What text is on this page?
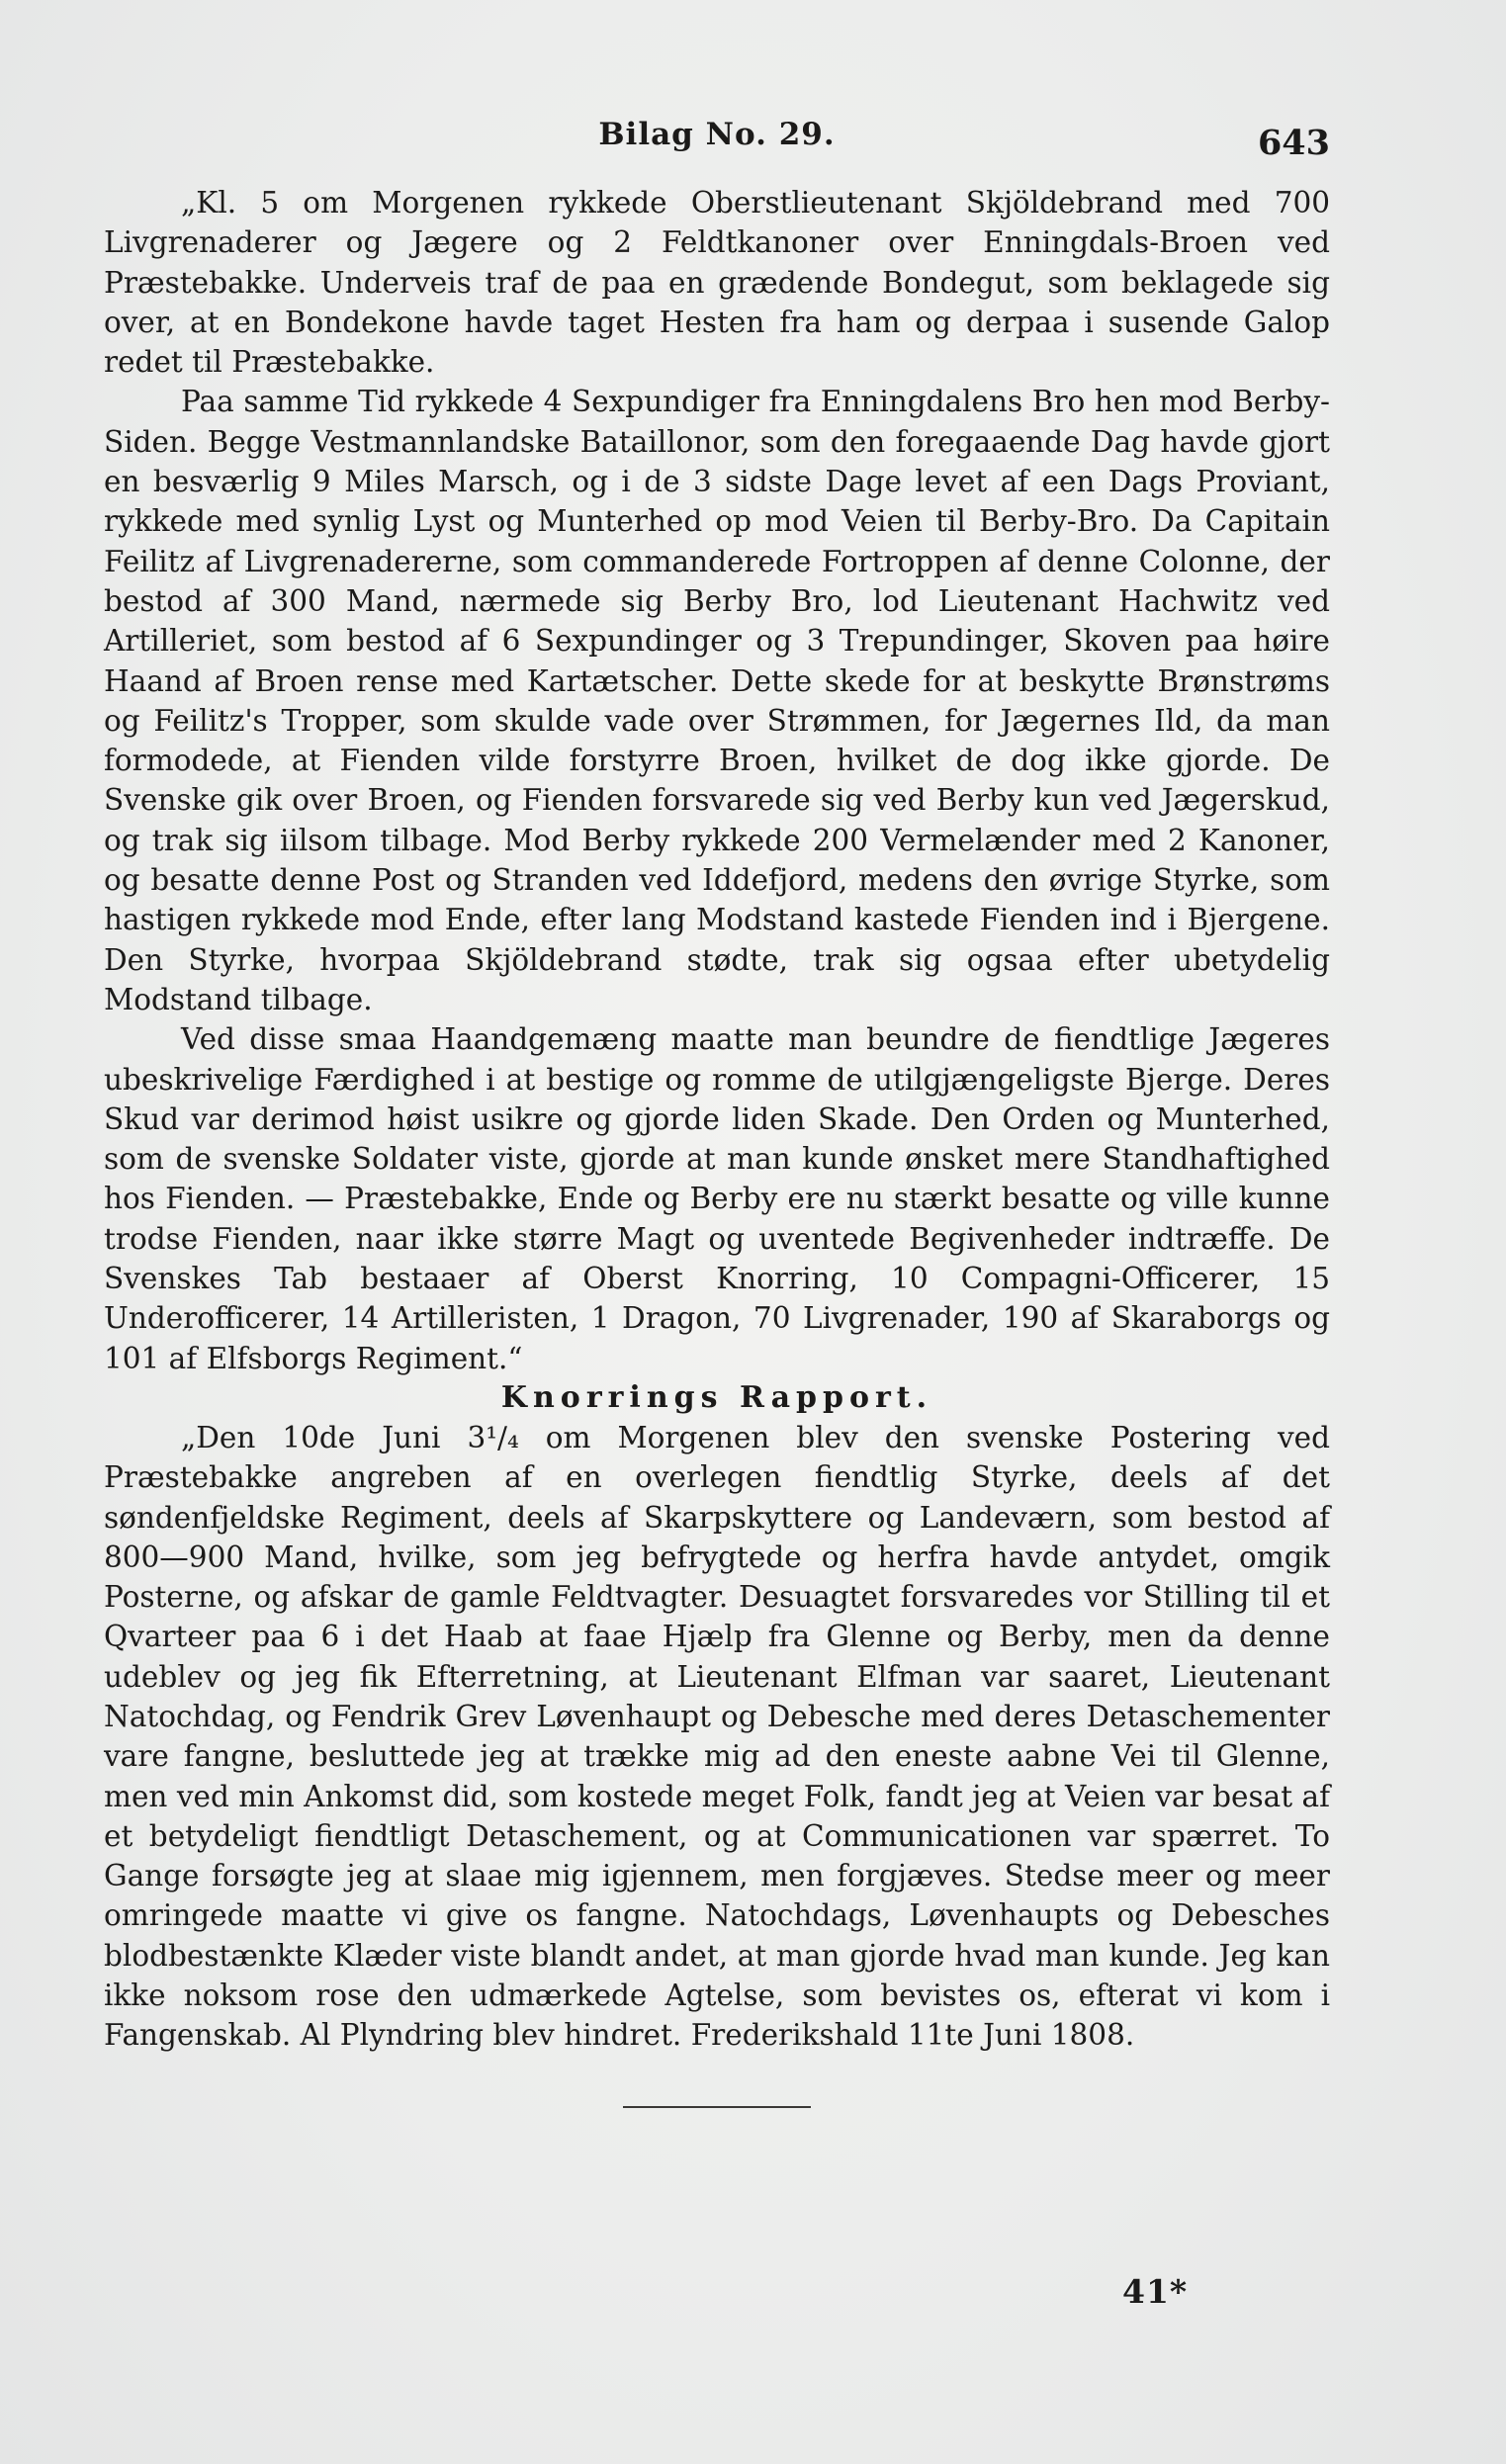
Bilag No. 29.	643

„Kl. 5 om Morgenen rykkede Oberstlieutenant Skjöldebrand med 700 Livgrenaderer og Jægere og 2 Feldtkanoner over Enningdals-Broen ved Præstebakke. Underveis traf de paa en grædende Bondegut, som beklagede sig over, at en Bondekone havde taget Hesten fra ham og derpaa i susende Galop redet til Præstebakke.

Paa samme Tid rykkede 4 Sexpundiger fra Enningdalens Bro hen mod Berby-Siden. Begge Vestmannlandske Bataillonor, som den foregaaende Dag havde gjort en besværlig 9 Miles Marsch, og i de 3 sidste Dage levet af een Dags Proviant, rykkede med synlig Lyst og Munterhed op mod Veien til Berby-Bro. Da Capitain Feilitz af Livgrenadererne, som commanderede Fortroppen af denne Colonne, der bestod af 300 Mand, nærmede sig Berby Bro, lod Lieutenant Hachwitz ved Artilleriet, som bestod af 6 Sexpundinger og 3 Trepundinger, Skoven paa høire Haand af Broen rense med Kartætscher. Dette skede for at beskytte Brønstrøms og Feilitz's Tropper, som skulde vade over Strømmen, for Jægernes Ild, da man formodede, at Fienden vilde forstyrre Broen, hvilket de dog ikke gjorde. De Svenske gik over Broen, og Fienden forsvarede sig ved Berby kun ved Jægerskud, og trak sig iilsom tilbage. Mod Berby rykkede 200 Vermelænder med 2 Kanoner, og besatte denne Post og Stranden ved Iddefjord, medens den øvrige Styrke, som hastigen rykkede mod Ende, efter lang Modstand kastede Fienden ind i Bjergene. Den Styrke, hvorpaa Skjöldebrand stødte, trak sig ogsaa efter ubetydelig Modstand tilbage.

Ved disse smaa Haandgemæng maatte man beundre de fiendtlige Jægeres ubeskrivelige Færdighed i at bestige og romme de utilgjængeligste Bjerge. Deres Skud var derimod høist usikre og gjorde liden Skade. Den Orden og Munterhed, som de svenske Soldater viste, gjorde at man kunde ønsket mere Standhaftighed hos Fienden. — Præstebakke, Ende og Berby ere nu stærkt besatte og ville kunne trodse Fienden, naar ikke større Magt og uventede Begivenheder indtræffe. De Svenskes Tab bestaaer af Oberst Knorring, 10 Compagni-Officerer, 15 Underofficerer, 14 Artilleristen, 1 Dragon, 70 Livgrenader, 190 af Skaraborgs og 101 af Elfsborgs Regiment.“

Knorrings Rapport.

„Den 10de Juni 3¹/₄ om Morgenen blev den svenske Postering ved Præstebakke angreben af en overlegen fiendtlig Styrke, deels af det søndenfjeldske Regiment, deels af Skarpskyttere og Landeværn, som bestod af 800—900 Mand, hvilke, som jeg befrygtede og herfra havde antydet, omgik Posterne, og afskar de gamle Feldtvagter. Desuagtet forsvaredes vor Stilling til et Qvarteer paa 6 i det Haab at faae Hjælp fra Glenne og Berby, men da denne udeblev og jeg fik Efterretning, at Lieutenant Elfman var saaret, Lieutenant Natochdag, og Fendrik Grev Løvenhaupt og Debesche med deres Detaschementer vare fangne, besluttede jeg at trække mig ad den eneste aabne Vei til Glenne, men ved min Ankomst did, som kostede meget Folk, fandt jeg at Veien var besat af et betydeligt fiendtligt Detaschement, og at Communicationen var spærret. To Gange forsøgte jeg at slaae mig igjennem, men forgjæves. Stedse meer og meer omringede maatte vi give os fangne. Natochdags, Løvenhaupts og Debesches blodbestænkte Klæder viste blandt andet, at man gjorde hvad man kunde. Jeg kan ikke noksom rose den udmærkede Agtelse, som bevistes os, efterat vi kom i Fangenskab. Al Plyndring blev hindret. Frederikshald 11te Juni 1808.

41*
